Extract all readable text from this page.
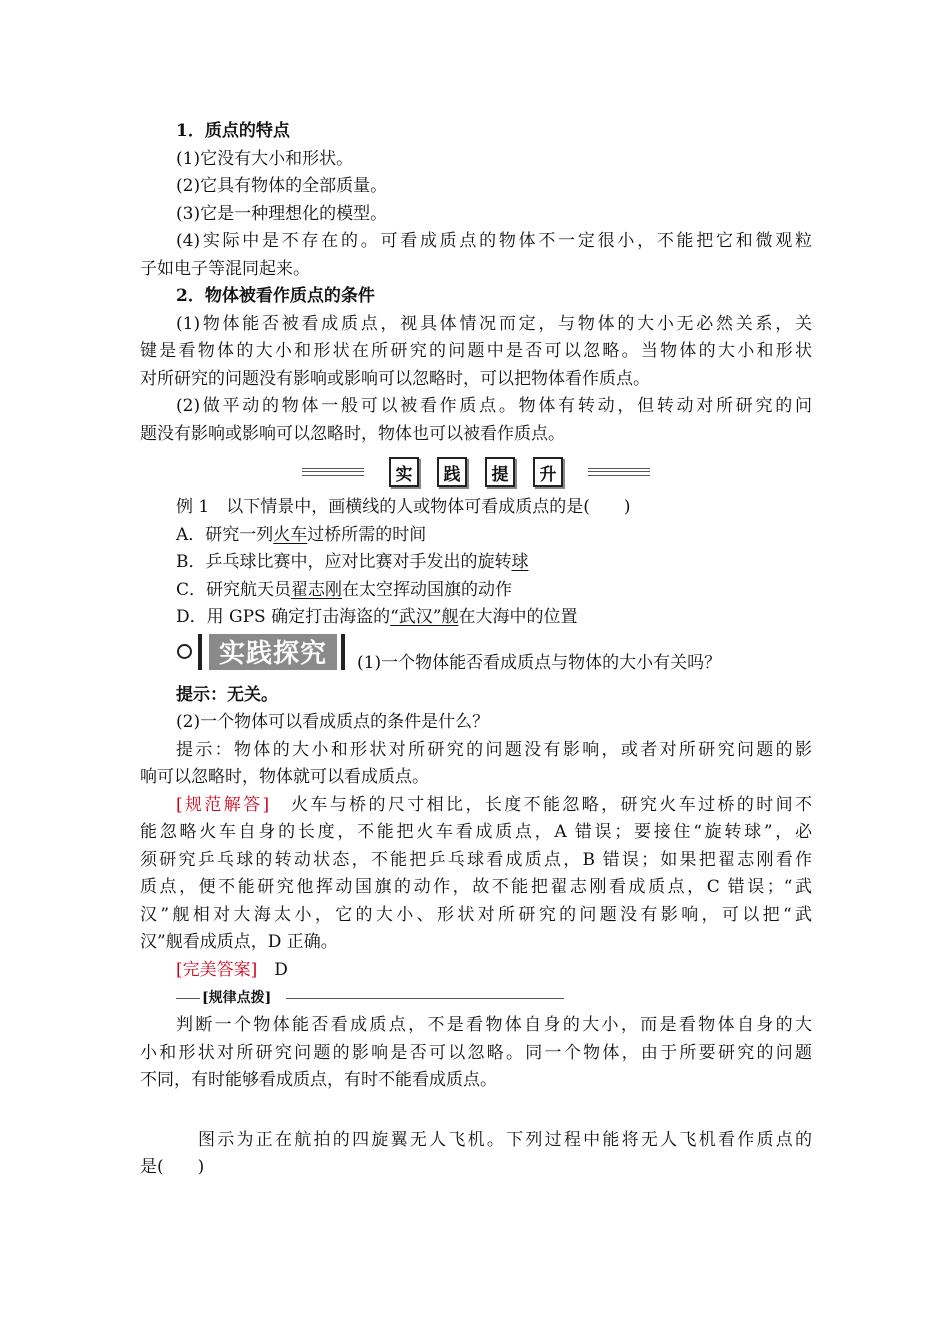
1．质点的特点
(1)它没有大小和形状。
(2)它具有物体的全部质量。
(3)它是一种理想化的模型。
(4)实际中是不存在的。可看成质点的物体不一定很小，不能把它和微观粒
子如电子等混同起来。
2．物体被看作质点的条件
(1)物体能否被看成质点，视具体情况而定，与物体的大小无必然关系，关
键是看物体的大小和形状在所研究的问题中是否可以忽略。当物体的大小和形状
对所研究的问题没有影响或影响可以忽略时，可以把物体看作质点。
(2)做平动的物体一般可以被看作质点。物体有转动，但转动对所研究的问
题没有影响或影响可以忽略时，物体也可以被看作质点。
实	践	提	升
例 1　以下情景中，画横线的人或物体可看成质点的是(　　)
A．研究一列火车过桥所需的时间
B．乒乓球比赛中，应对比赛对手发出的旋转球
C．研究航天员翟志刚在太空挥动国旗的动作
D．用 GPS 确定打击海盗的“武汉”舰在大海中的位置
实践探究	(1)一个物体能否看成质点与物体的大小有关吗？
提示：无关。
(2)一个物体可以看成质点的条件是什么？
提示：物体的大小和形状对所研究的问题没有影响，或者对所研究问题的影
响可以忽略时，物体就可以看成质点。
[规范解答]　火车与桥的尺寸相比，长度不能忽略，研究火车过桥的时间不
能忽略火车自身的长度，不能把火车看成质点，A 错误；要接住“旋转球”，必
须研究乒乓球的转动状态，不能把乒乓球看成质点，B 错误；如果把翟志刚看作
质点，便不能研究他挥动国旗的动作，故不能把翟志刚看成质点，C 错误；“武
汉”舰相对大海太小，它的大小、形状对所研究的问题没有影响，可以把“武
汉”舰看成质点，D 正确。
[完美答案]　D
[规律点拨]
判断一个物体能否看成质点，不是看物体自身的大小，而是看物体自身的大
小和形状对所研究问题的影响是否可以忽略。同一个物体，由于所要研究的问题
不同，有时能够看成质点，有时不能看成质点。
图示为正在航拍的四旋翼无人飞机。下列过程中能将无人飞机看作质点的
是(　　)
